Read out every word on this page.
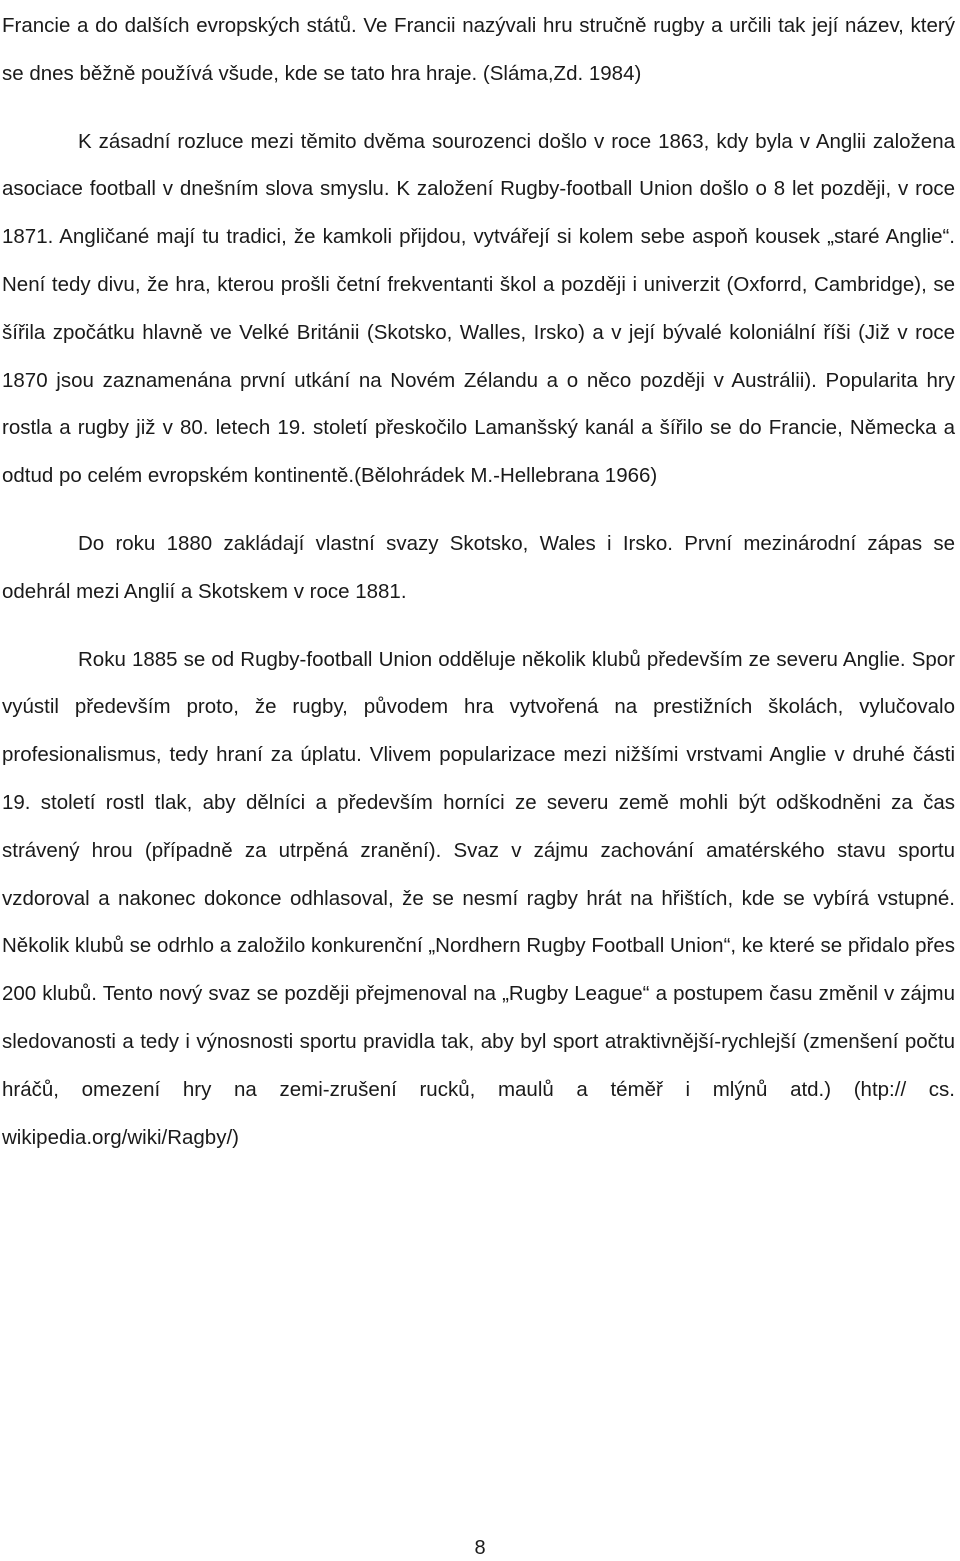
Francie a do dalších evropských států. Ve Francii nazývali hru stručně rugby a určili tak její název, který se dnes běžně používá všude, kde se tato hra hraje. (Sláma,Zd. 1984)

K zásadní rozluce mezi těmito dvěma sourozenci došlo v roce 1863, kdy byla v Anglii založena asociace football v dnešním slova smyslu. K založení Rugby-football Union došlo o 8 let později, v roce 1871. Angličané mají tu tradici, že kamkoli přijdou, vytvářejí si kolem sebe aspoň kousek „staré Anglie“. Není tedy divu, že hra, kterou prošli četní frekventanti škol a později i univerzit (Oxforrd, Cambridge), se šířila zpočátku hlavně ve Velké Británii (Skotsko, Walles, Irsko) a v její bývalé koloniální říši (Již v roce 1870 jsou zaznamenána první utkání na Novém Zélandu a o něco později v Austrálii). Popularita hry rostla a rugby již v 80. letech 19. století přeskočilo Lamanšský kanál a šířilo se do Francie, Německa a odtud po celém evropském kontinentě.(Bělohrádek M.-Hellebrana 1966)

Do roku 1880 zakládají vlastní svazy Skotsko, Wales i Irsko. První mezinárodní zápas se odehrál mezi Anglií a Skotskem v roce 1881.

Roku 1885 se od Rugby-football Union odděluje několik klubů především ze severu Anglie. Spor vyústil především proto, že rugby, původem hra vytvořená na prestižních školách, vylučovalo profesionalismus, tedy hraní za úplatu. Vlivem popularizace mezi nižšími vrstvami Anglie v druhé části 19. století rostl tlak, aby dělníci a především horníci ze severu země mohli být odškodněni za čas strávený hrou (případně za utrpěná zranění). Svaz v zájmu zachování amatérského stavu sportu vzdoroval a nakonec dokonce odhlasoval, že se nesmí ragby hrát na hřištích, kde se vybírá vstupné. Několik klubů se odrhlo a založilo konkurenční „Nordhern Rugby Football Union“, ke které se přidalo přes 200 klubů. Tento nový svaz se později přejmenoval na „Rugby League“ a postupem času změnil v zájmu sledovanosti a tedy i výnosnosti sportu pravidla tak, aby byl sport atraktivnější-rychlejší (zmenšení počtu hráčů, omezení hry na zemi-zrušení rucků, maulů a téměř i mlýnů atd.) (htp:// cs. wikipedia.org/wiki/Ragby/)

8
